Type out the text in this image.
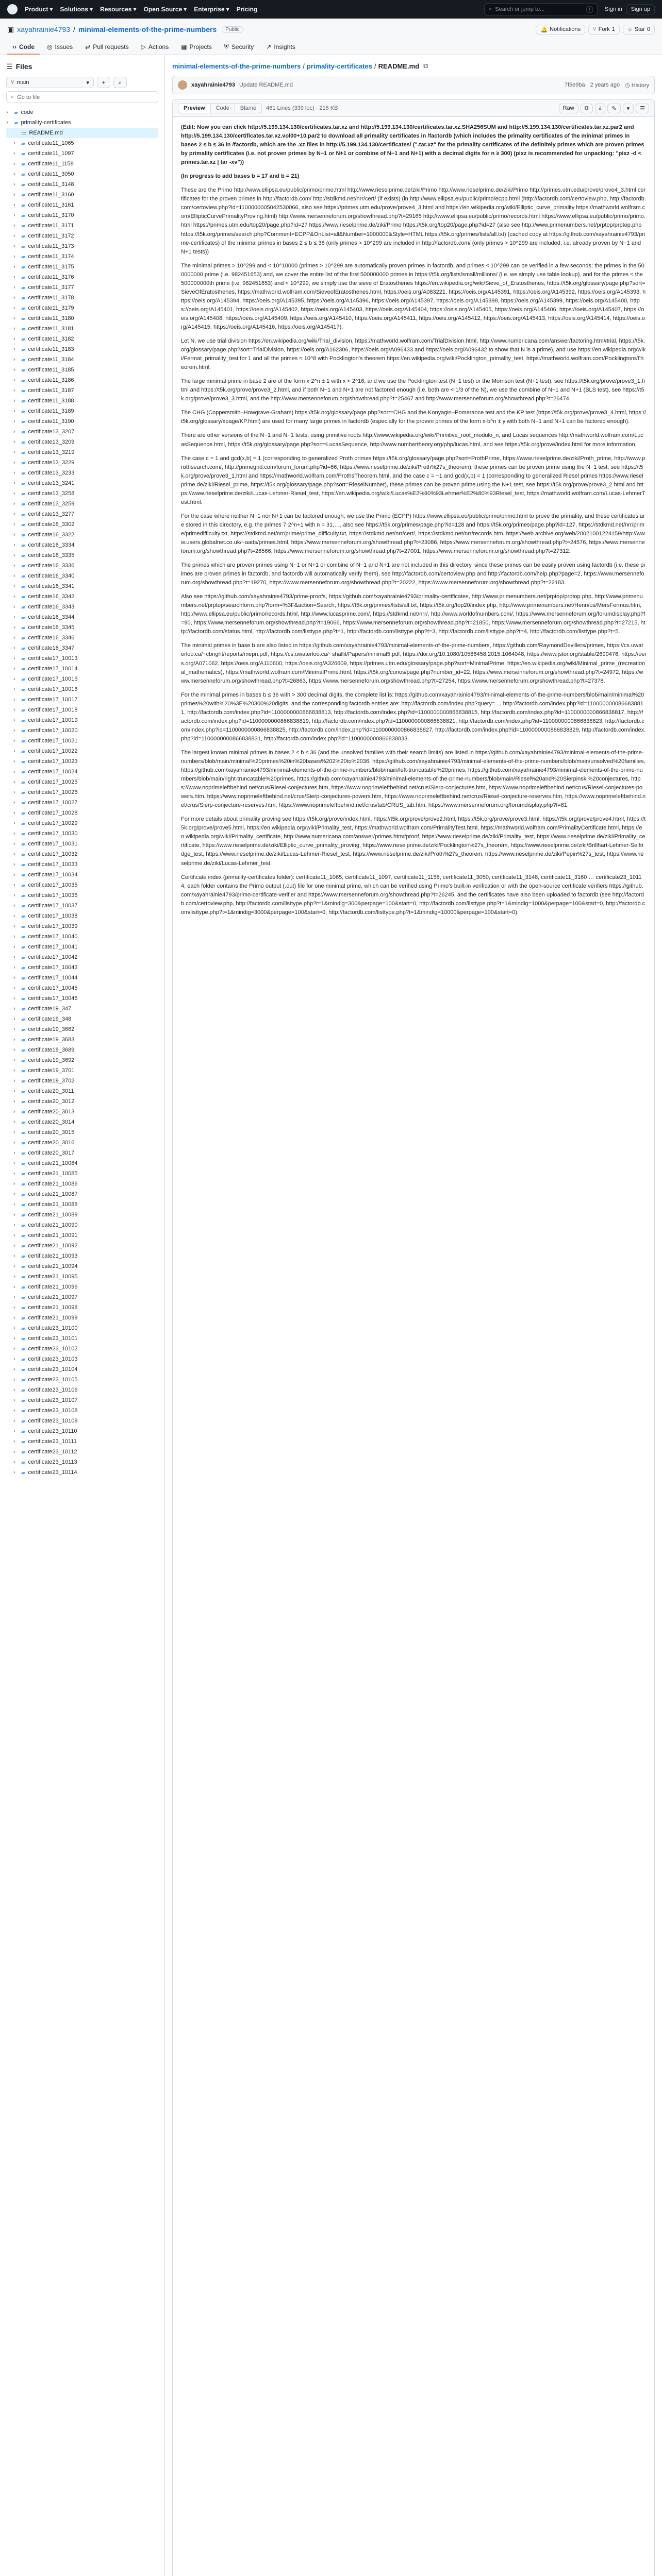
Product ▾ Solutions ▾ Resources ▾ Open Source ▾ Enterprise ▾ Pricing	⌕ Search or jump to...	/	Sign in	Sign up
▣ xayahrainie4793 / minimal-elements-of-the-prime-numbers	Public	🔔 Notifications ⑂ Fork 1 ☆ Star 0
‹› Code ◎ Issues ⇄ Pull requests ▷ Actions ▦ Projects ⛨ Security ↗ Insights
☰ Files
⑂ main	▾	+	⌕
⌕ Go to file
›	▰ code
›	▰ primality-certificates
▭ README.md
›	▰ certificate11_1065
›	▰ certificate11_1097
›	▰ certificate11_1158
›	▰ certificate11_3050
›	▰ certificate11_3148
›	▰ certificate11_3160
›	▰ certificate11_3161
›	▰ certificate11_3170
›	▰ certificate11_3171
›	▰ certificate11_3172
›	▰ certificate11_3173
›	▰ certificate11_3174
›	▰ certificate11_3175
›	▰ certificate11_3176
›	▰ certificate11_3177
›	▰ certificate11_3178
›	▰ certificate11_3179
›	▰ certificate11_3180
›	▰ certificate11_3181
›	▰ certificate11_3182
›	▰ certificate11_3183
›	▰ certificate11_3184
›	▰ certificate11_3185
›	▰ certificate11_3186
›	▰ certificate11_3187
›	▰ certificate11_3188
›	▰ certificate11_3189
›	▰ certificate11_3190
›	▰ certificate13_3207
›	▰ certificate13_3209
›	▰ certificate13_3219
›	▰ certificate13_3229
›	▰ certificate13_3233
›	▰ certificate13_3241
›	▰ certificate13_3258
›	▰ certificate13_3259
›	▰ certificate13_3277
›	▰ certificate16_3302
›	▰ certificate16_3322
›	▰ certificate16_3334
›	▰ certificate16_3335
›	▰ certificate16_3336
›	▰ certificate16_3340
›	▰ certificate16_3341
›	▰ certificate16_3342
›	▰ certificate16_3343
›	▰ certificate16_3344
›	▰ certificate16_3345
›	▰ certificate16_3346
›	▰ certificate16_3347
›	▰ certificate17_10013
›	▰ certificate17_10014
›	▰ certificate17_10015
›	▰ certificate17_10016
›	▰ certificate17_10017
›	▰ certificate17_10018
›	▰ certificate17_10019
›	▰ certificate17_10020
›	▰ certificate17_10021
›	▰ certificate17_10022
›	▰ certificate17_10023
›	▰ certificate17_10024
›	▰ certificate17_10025
›	▰ certificate17_10026
›	▰ certificate17_10027
›	▰ certificate17_10028
›	▰ certificate17_10029
›	▰ certificate17_10030
›	▰ certificate17_10031
›	▰ certificate17_10032
›	▰ certificate17_10033
›	▰ certificate17_10034
›	▰ certificate17_10035
›	▰ certificate17_10036
›	▰ certificate17_10037
›	▰ certificate17_10038
›	▰ certificate17_10039
›	▰ certificate17_10040
›	▰ certificate17_10041
›	▰ certificate17_10042
›	▰ certificate17_10043
›	▰ certificate17_10044
›	▰ certificate17_10045
›	▰ certificate17_10046
›	▰ certificate19_347
›	▰ certificate19_348
›	▰ certificate19_3662
›	▰ certificate19_3683
›	▰ certificate19_3689
›	▰ certificate19_3692
›	▰ certificate19_3701
›	▰ certificate19_3702
›	▰ certificate20_3011
›	▰ certificate20_3012
›	▰ certificate20_3013
›	▰ certificate20_3014
›	▰ certificate20_3015
›	▰ certificate20_3016
›	▰ certificate20_3017
›	▰ certificate21_10084
›	▰ certificate21_10085
›	▰ certificate21_10086
›	▰ certificate21_10087
›	▰ certificate21_10088
›	▰ certificate21_10089
›	▰ certificate21_10090
›	▰ certificate21_10091
›	▰ certificate21_10092
›	▰ certificate21_10093
›	▰ certificate21_10094
›	▰ certificate21_10095
›	▰ certificate21_10096
›	▰ certificate21_10097
›	▰ certificate21_10098
›	▰ certificate21_10099
›	▰ certificate23_10100
›	▰ certificate23_10101
›	▰ certificate23_10102
›	▰ certificate23_10103
›	▰ certificate23_10104
›	▰ certificate23_10105
›	▰ certificate23_10106
›	▰ certificate23_10107
›	▰ certificate23_10108
›	▰ certificate23_10109
›	▰ certificate23_10110
›	▰ certificate23_10111
›	▰ certificate23_10112
›	▰ certificate23_10113
›	▰ certificate23_10114
minimal-elements-of-the-prime-numbers / primality-certificates / README.md ⧉
xayahrainie4793 Update README.md	7f5e9ba 2 years ago ◷ History
Preview	Code	Blame	461 Lines (339 loc) · 215 KB	Raw	⧉	⤓	✎	▾	☰

(Edit: Now you can click http://5.199.134.130/certificates.tar.xz and http://5.199.134.130/certificates.tar.xz.SHA256SUM and http://5.199.134.130/certificates.tar.xz.par2 and http://5.199.134.130/certificates.tar.xz.vol00+10.par2 to download all primality certificates in /factordb (which includes the primality certificates of the minimal primes in bases 2 ≤ b ≤ 36 in /factordb, which are the .xz files in http://5.199.134.130/certificates/ (".tar.xz" for the primality certificates of the definitely primes which are proven primes by primality certificates (i.e. not proven primes by N−1 or N+1 or combine of N−1 and N+1) with a decimal digits for n ≥ 300) (pixz is recommended for unpacking: "pixz -d < primes.tar.xz | tar -xv"))

(In progress to add bases b = 17 and b = 21)

These are the Primo http://www.ellipsa.eu/public/primo/primo.html http://www.rieselprime.de/ziki/Primo http://www.rieselprime.de/ziki/Primo http://primes.utm.edu/prove/prove4_3.html certificates for the proven primes in http://factordb.com/ http://stdkmd.net/nrr/cert/ (if exists) (in http://www.ellipsa.eu/public/primo/ecpp.html (http://factordb.com/certoview.php, http://factordb.com/certoview.php?id=1100000005042530066, also see https://primes.utm.edu/prove/prove4_3.html and https://en.wikipedia.org/wiki/Elliptic_curve_primality https://mathworld.wolfram.com/EllipticCurvePrimalityProving.html) http://www.mersenneforum.org/showthread.php?t=29165 http://www.ellipsa.eu/public/primo/records.html https://www.ellipsa.eu/public/primo/primo.html https://primes.utm.edu/top20/page.php?id=27 https://www.rieselprime.de/ziki/Primo https://t5k.org/top20/page.php?id=27 (also see http://www.primenumbers.net/prptop/prptop.php https://t5k.org/primes/search.php?Comment=ECPP&OnList=all&Number=1000000&Style=HTML https://t5k.org/primes/lists/all.txt) (cached copy at https://github.com/xayahrainie4793/prime-certificates) of the minimal primes in bases 2 ≤ b ≤ 36 (only primes > 10^299 are included in http://factordb.com/ (only primes > 10^299 are included, i.e. already proven by N−1 and N+1 tests))

The minimal primes > 10^299 and < 10^10000 (primes > 10^299 are automatically proven primes in factordb, and primes < 10^299 can be verified in a few seconds; the primes in the 500000000 prime (i.e. 982451653) and, we cover the entire list of the first 500000000 primes in https://t5k.org/lists/small/millions/ (i.e. we simply use table lookup), and for the primes < the 500000000th prime (i.e. 982451653) and < 10^299, we simply use the sieve of Eratosthenes https://en.wikipedia.org/wiki/Sieve_of_Eratosthenes, https://t5k.org/glossary/page.php?sort=SieveOfEratosthenes, https://mathworld.wolfram.com/SieveofEratosthenes.html, https://oeis.org/A083221, https://oeis.org/A145391, https://oeis.org/A145392, https://oeis.org/A145393, https://oeis.org/A145394, https://oeis.org/A145395, https://oeis.org/A145396, https://oeis.org/A145397, https://oeis.org/A145398, https://oeis.org/A145399, https://oeis.org/A145400, https://oeis.org/A145401, https://oeis.org/A145402, https://oeis.org/A145403, https://oeis.org/A145404, https://oeis.org/A145405, https://oeis.org/A145406, https://oeis.org/A145407, https://oeis.org/A145408, https://oeis.org/A145409, https://oeis.org/A145410, https://oeis.org/A145411, https://oeis.org/A145412, https://oeis.org/A145413, https://oeis.org/A145414, https://oeis.org/A145415, https://oeis.org/A145416, https://oeis.org/A145417).

Let N, we use trial division https://en.wikipedia.org/wiki/Trial_division, https://mathworld.wolfram.com/TrialDivision.html, http://www.numericana.com/answer/factoring.htm#trial, https://t5k.org/glossary/page.php?sort=TrialDivision, https://oeis.org/A162306, https://oeis.org/A096433 and https://oeis.org/A096432 to show that N is a prime), and use https://en.wikipedia.org/wiki/Fermat_primality_test for 1 and all the primes < 10^8 with Pocklington’s theorem https://en.wikipedia.org/wiki/Pocklington_primality_test, https://mathworld.wolfram.com/PocklingtonsTheorem.html.

The large minimal prime in base 2 are of the form x·2^n ± 1 with x < 2^16, and we use the Pocklington test (N−1 test) or the Morrison test (N+1 test), see https://t5k.org/prove/prove3_1.html and https://t5k.org/prove/prove3_2.html, and if both N−1 and N+1 are not factored enough (i.e. both are < 1/3 of the N), we use the combine of N−1 and N+1 (BLS test), see https://t5k.org/prove/prove3_3.html, and the http://www.mersenneforum.org/showthread.php?t=25467 and http://www.mersenneforum.org/showthread.php?t=26474.

The CHG (Coppersmith–Howgrave-Graham) https://t5k.org/glossary/page.php?sort=CHG and the Konyagin–Pomerance test and the KP test (https://t5k.org/prove/prove3_4.html, https://t5k.org/glossary/xpage/KP.html) are used for many large primes in factordb (especially for the proven primes of the form x·b^n ± y with both N−1 and N+1 can be factored enough).

There are other versions of the N−1 and N+1 tests, using primitive roots http://www.wikipedia.org/wiki/Primitive_root_modulo_n, and Lucas sequences http://mathworld.wolfram.com/LucasSequence.html, https://t5k.org/glossary/page.php?sort=LucasSequence, http://www.numbertheory.org/php/lucas.html, and see https://t5k.org/prove/index.html for more information.

The case c = 1 and gcd(x,b) = 1 (corresponding to generalized Proth primes https://t5k.org/glossary/page.php?sort=ProthPrime, https://www.rieselprime.de/ziki/Proth_prime, http://www.prothsearch.com/, http://primegrid.com/forum_forum.php?id=66, https://www.rieselprime.de/ziki/Proth%27s_theorem), these primes can be proven prime using the N−1 test, see https://t5k.org/prove/prove3_1.html and https://mathworld.wolfram.com/ProthsTheorem.html, and the case c = −1 and gcd(x,b) = 1 (corresponding to generalized Riesel primes https://www.rieselprime.de/ziki/Riesel_prime, https://t5k.org/glossary/page.php?sort=RieselNumber), these primes can be proven prime using the N+1 test, see https://t5k.org/prove/prove3_2.html and https://www.rieselprime.de/ziki/Lucas-Lehmer-Riesel_test, https://en.wikipedia.org/wiki/Lucas%E2%80%93Lehmer%E2%80%93Riesel_test, https://mathworld.wolfram.com/Lucas-LehmerTest.html.

For the case where neither N−1 nor N+1 can be factored enough, we use the Primo (ECPP) https://www.ellipsa.eu/public/primo/primo.html to prove the primality, and these certificates are stored in this directory, e.g. the primes 7·2^n+1 with n = 31,…, also see https://t5k.org/primes/page.php?id=128 and https://t5k.org/primes/page.php?id=127, https://stdkmd.net/nrr/prime/primedifficulty.txt, https://stdkmd.net/nrr/prime/prime_difficulty.txt, https://stdkmd.net/nrr/cert/, https://stdkmd.net/nrr/records.htm, https://web.archive.org/web/20021001224159/http://www.users.globalnet.co.uk/~aads/primes.html, https://www.mersenneforum.org/showthread.php?t=23086, https://www.mersenneforum.org/showthread.php?t=24576, https://www.mersenneforum.org/showthread.php?t=26566, https://www.mersenneforum.org/showthread.php?t=27001, https://www.mersenneforum.org/showthread.php?t=27312.

The primes which are proven primes using N−1 or N+1 or combine of N−1 and N+1 are not included in this directory, since these primes can be easily proven using factordb (i.e. these primes are proven primes in factordb, and factordb will automatically verify them), see http://factordb.com/certoview.php and http://factordb.com/help.php?page=2, https://www.mersenneforum.org/showthread.php?t=19270, https://www.mersenneforum.org/showthread.php?t=20222, https://www.mersenneforum.org/showthread.php?t=22183.

Also see https://github.com/xayahrainie4793/prime-proofs, https://github.com/xayahrainie4793/primality-certificates, http://www.primenumbers.net/prptop/prptop.php, http://www.primenumbers.net/prptop/searchform.php?form=%3F&action=Search, https://t5k.org/primes/lists/all.txt, https://t5k.org/top20/index.php, http://www.primenumbers.net/Henri/us/MersFermus.htm, http://www.ellipsa.eu/public/primo/records.html, http://www.lucasprime.com/, https://stdkmd.net/nrr/, http://www.worldofnumbers.com/, https://www.mersenneforum.org/forumdisplay.php?f=90, https://www.mersenneforum.org/showthread.php?t=19066, https://www.mersenneforum.org/showthread.php?t=21850, https://www.mersenneforum.org/showthread.php?t=27215, http://factordb.com/status.html, http://factordb.com/listtype.php?t=1, http://factordb.com/listtype.php?t=3, http://factordb.com/listtype.php?t=4, http://factordb.com/listtype.php?t=5.

The minimal primes in base b are also listed in https://github.com/xayahrainie4793/minimal-elements-of-the-prime-numbers, https://github.com/RaymondDevillers/primes, https://cs.uwaterloo.ca/~cbright/reports/mepn.pdf, https://cs.uwaterloo.ca/~shallit/Papers/minimal5.pdf, https://doi.org/10.1080/10586458.2015.1064048, https://www.jstor.org/stable/2690476, https://oeis.org/A071062, https://oeis.org/A110600, https://oeis.org/A326609, https://primes.utm.edu/glossary/page.php?sort=MinimalPrime, https://en.wikipedia.org/wiki/Minimal_prime_(recreational_mathematics), https://mathworld.wolfram.com/MinimalPrime.html, https://t5k.org/curios/page.php?number_id=22, https://www.mersenneforum.org/showthread.php?t=24972, https://www.mersenneforum.org/showthread.php?t=26863, https://www.mersenneforum.org/showthread.php?t=27254, https://www.mersenneforum.org/showthread.php?t=27378.

For the minimal primes in bases b ≤ 36 with > 300 decimal digits, the complete list is: https://github.com/xayahrainie4793/minimal-elements-of-the-prime-numbers/blob/main/minimal%20primes%20with%20%3E%20300%20digits, and the corresponding factordb entries are: http://factordb.com/index.php?query=..., http://factordb.com/index.php?id=1100000000866838811, http://factordb.com/index.php?id=1100000000866838813, http://factordb.com/index.php?id=1100000000866838815, http://factordb.com/index.php?id=1100000000866838817, http://factordb.com/index.php?id=1100000000866838819, http://factordb.com/index.php?id=1100000000866838821, http://factordb.com/index.php?id=1100000000866838823, http://factordb.com/index.php?id=1100000000866838825, http://factordb.com/index.php?id=1100000000866838827, http://factordb.com/index.php?id=1100000000866838829, http://factordb.com/index.php?id=1100000000866838831, http://factordb.com/index.php?id=1100000000866838833.

The largest known minimal primes in bases 2 ≤ b ≤ 36 (and the unsolved families with their search limits) are listed in https://github.com/xayahrainie4793/minimal-elements-of-the-prime-numbers/blob/main/minimal%20primes%20in%20bases%202%20to%2036, https://github.com/xayahrainie4793/minimal-elements-of-the-prime-numbers/blob/main/unsolved%20families, https://github.com/xayahrainie4793/minimal-elements-of-the-prime-numbers/blob/main/left-truncatable%20primes, https://github.com/xayahrainie4793/minimal-elements-of-the-prime-numbers/blob/main/right-truncatable%20primes, https://github.com/xayahrainie4793/minimal-elements-of-the-prime-numbers/blob/main/Riesel%20and%20Sierpinski%20conjectures, https://www.noprimeleftbehind.net/crus/Riesel-conjectures.htm, https://www.noprimeleftbehind.net/crus/Sierp-conjectures.htm, https://www.noprimeleftbehind.net/crus/Riesel-conjectures-powers.htm, https://www.noprimeleftbehind.net/crus/Sierp-conjectures-powers.htm, https://www.noprimeleftbehind.net/crus/Riesel-conjecture-reserves.htm, https://www.noprimeleftbehind.net/crus/Sierp-conjecture-reserves.htm, https://www.noprimeleftbehind.net/crus/tab/CRUS_tab.htm, https://www.mersenneforum.org/forumdisplay.php?f=81.

For more details about primality proving see https://t5k.org/prove/index.html, https://t5k.org/prove/prove2.html, https://t5k.org/prove/prove3.html, https://t5k.org/prove/prove4.html, https://t5k.org/prove/prove5.html, https://en.wikipedia.org/wiki/Primality_test, https://mathworld.wolfram.com/PrimalityTest.html, https://mathworld.wolfram.com/PrimalityCertificate.html, https://en.wikipedia.org/wiki/Primality_certificate, http://www.numericana.com/answer/primes.htm#proof, https://www.rieselprime.de/ziki/Primality_test, https://www.rieselprime.de/ziki/Primality_certificate, https://www.rieselprime.de/ziki/Elliptic_curve_primality_proving, https://www.rieselprime.de/ziki/Pocklington%27s_theorem, https://www.rieselprime.de/ziki/Brillhart-Lehmer-Selfridge_test, https://www.rieselprime.de/ziki/Lucas-Lehmer-Riesel_test, https://www.rieselprime.de/ziki/Proth%27s_theorem, https://www.rieselprime.de/ziki/Pepin%27s_test, https://www.rieselprime.de/ziki/Lucas-Lehmer_test.

Certificate index (primality-certificates folder): certificate11_1065, certificate11_1097, certificate11_1158, certificate11_3050, certificate11_3148, certificate11_3160 … certificate23_10114; each folder contains the Primo output (.out) file for one minimal prime, which can be verified using Primo’s built-in verification or with the open-source certificate verifiers https://github.com/xayahrainie4793/primo-certificate-verifier and https://www.mersenneforum.org/showthread.php?t=26245, and the certificates have also been uploaded to factordb (see http://factordb.com/certoview.php, http://factordb.com/listtype.php?t=1&mindig=300&perpage=100&start=0, http://factordb.com/listtype.php?t=1&mindig=1000&perpage=100&start=0, http://factordb.com/listtype.php?t=1&mindig=3000&perpage=100&start=0, http://factordb.com/listtype.php?t=1&mindig=10000&perpage=100&start=0).
